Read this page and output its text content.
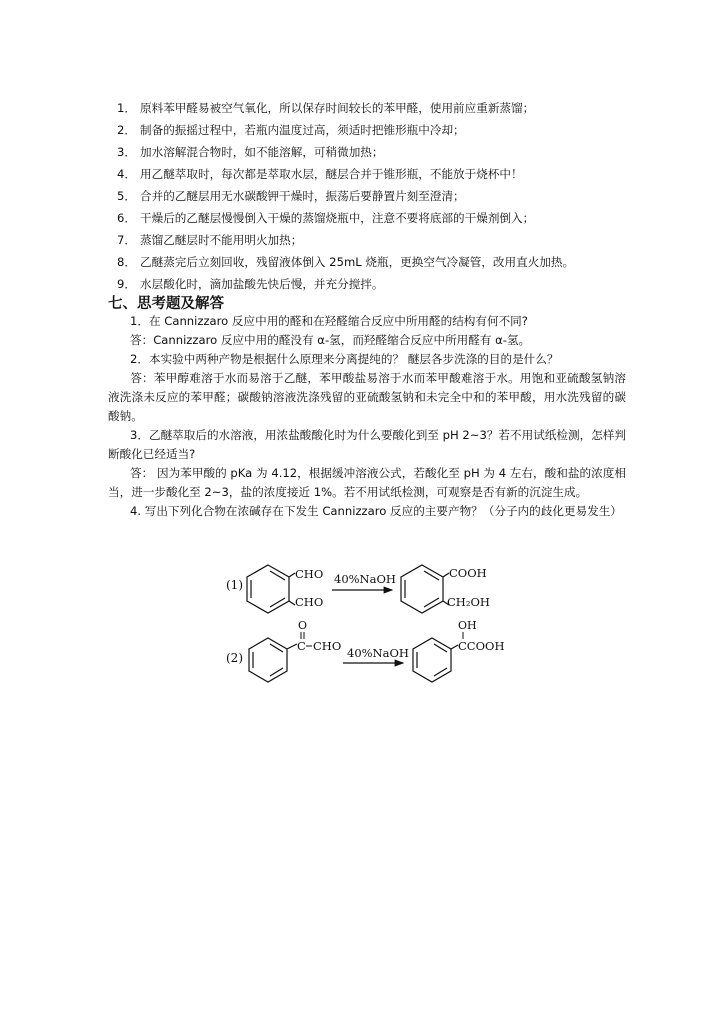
1． 原料苯甲醛易被空气氧化，所以保存时间较长的苯甲醛，使用前应重新蒸馏；
2． 制备的振摇过程中，若瓶内温度过高，须适时把锥形瓶中冷却；
3． 加水溶解混合物时，如不能溶解，可稍微加热；
4． 用乙醚萃取时，每次都是萃取水层，醚层合并于锥形瓶，不能放于烧杯中！
5． 合并的乙醚层用无水碳酸钾干燥时，振荡后要静置片刻至澄清；
6． 干燥后的乙醚层慢慢倒入干燥的蒸馏烧瓶中，注意不要将底部的干燥剂倒入；
7． 蒸馏乙醚层时不能用明火加热；
8． 乙醚蒸完后立刻回收，残留液体倒入 25mL 烧瓶，更换空气冷凝管，改用直火加热。
9． 水层酸化时，滴加盐酸先快后慢，并充分搅拌。
七、思考题及解答

1．在 Cannizzaro 反应中用的醛和在羟醛缩合反应中所用醛的结构有何不同?

答：Cannizzaro 反应中用的醛没有 α-氢，而羟醛缩合反应中所用醛有 α-氢。

2．本实验中两种产物是根据什么原理来分离提纯的？ 醚层各步洗涤的目的是什么？

答：苯甲醇难溶于水而易溶于乙醚，苯甲酸盐易溶于水而苯甲酸难溶于水。用饱和亚硫酸氢钠溶液洗涤未反应的苯甲醛；碳酸钠溶液洗涤残留的亚硫酸氢钠和未完全中和的苯甲酸，用水洗残留的碳酸钠。

3．乙醚萃取后的水溶液，用浓盐酸酸化时为什么要酸化到至 pH 2~3？若不用试纸检测，怎样判断酸化已经适当?

答： 因为苯甲酸的 pKa 为 4.12，根据缓冲溶液公式，若酸化至 pH 为 4 左右，酸和盐的浓度相当，进一步酸化至 2~3，盐的浓度接近 1%。若不用试纸检测，可观察是否有新的沉淀生成。

4. 写出下列化合物在浓碱存在下发生 Cannizzaro 反应的主要产物？（分子内的歧化更易发生）

(1)
CHO
CHO
40%NaOH	COOH
CH₂OH
(2)
O
C CHO 40%NaOH
OH
CCOOH
